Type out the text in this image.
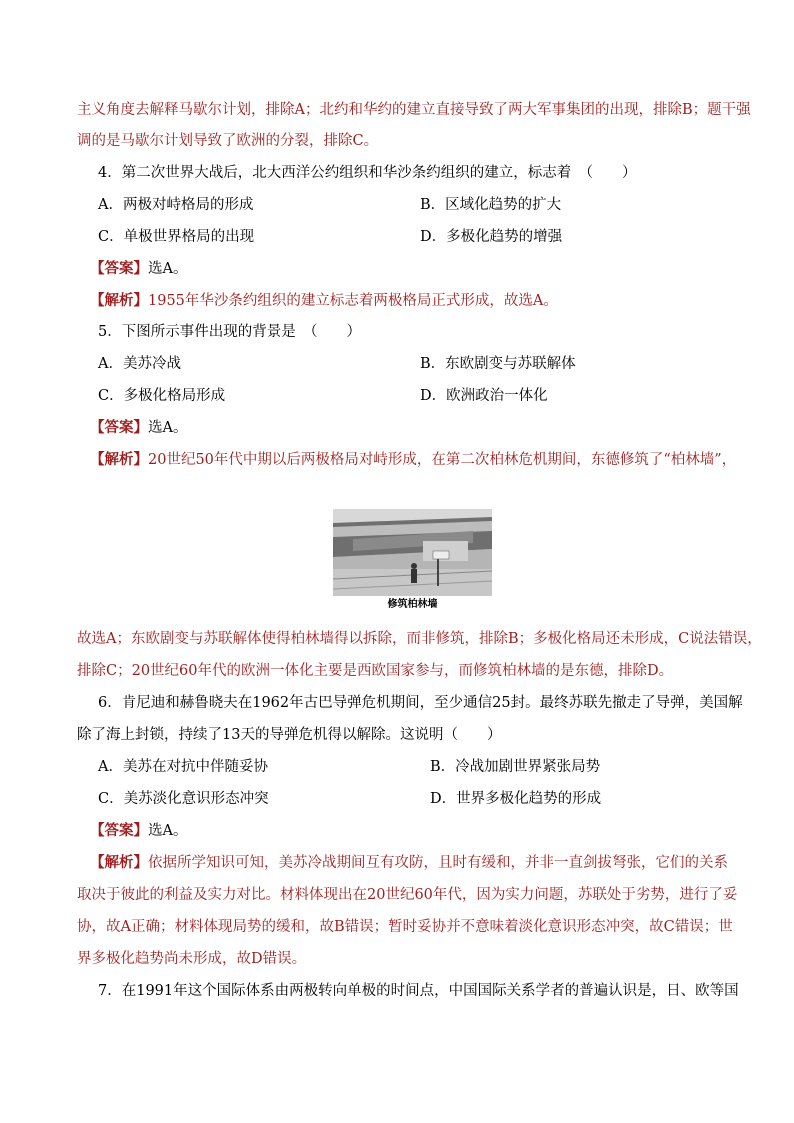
主义角度去解释马歇尔计划，排除A；北约和华约的建立直接导致了两大军事集团的出现，排除B；题干强
调的是马歇尔计划导致了欧洲的分裂，排除C。
4．第二次世界大战后，北大西洋公约组织和华沙条约组织的建立，标志着　（　　）
A．两极对峙格局的形成	B．区域化趋势的扩大
C．单极世界格局的出现	D．多极化趋势的增强
【答案】选A。
【解析】1955年华沙条约组织的建立标志着两极格局正式形成，故选A。
5．下图所示事件出现的背景是　（　　）
A．美苏冷战	B．东欧剧变与苏联解体
C．多极化格局形成	D．欧洲政治一体化
【答案】选A。
【解析】20世纪50年代中期以后两极格局对峙形成，在第二次柏林危机期间，东德修筑了“柏林墙”，
修筑柏林墙
故选A；东欧剧变与苏联解体使得柏林墙得以拆除，而非修筑，排除B；多极化格局还未形成，C说法错误，
排除C；20世纪60年代的欧洲一体化主要是西欧国家参与，而修筑柏林墙的是东德，排除D。
6．肯尼迪和赫鲁晓夫在1962年古巴导弹危机期间，至少通信25封。最终苏联先撤走了导弹，美国解
除了海上封锁，持续了13天的导弹危机得以解除。这说明（　　）
A．美苏在对抗中伴随妥协	B．冷战加剧世界紧张局势
C．美苏淡化意识形态冲突	D．世界多极化趋势的形成
【答案】选A。
【解析】依据所学知识可知，美苏冷战期间互有攻防，且时有缓和，并非一直剑拔弩张，它们的关系
取决于彼此的利益及实力对比。材料体现出在20世纪60年代，因为实力问题，苏联处于劣势，进行了妥
协，故A正确；材料体现局势的缓和，故B错误；暂时妥协并不意味着淡化意识形态冲突，故C错误；世
界多极化趋势尚未形成，故D错误。
7．在1991年这个国际体系由两极转向单极的时间点，中国国际关系学者的普遍认识是，日、欧等国
